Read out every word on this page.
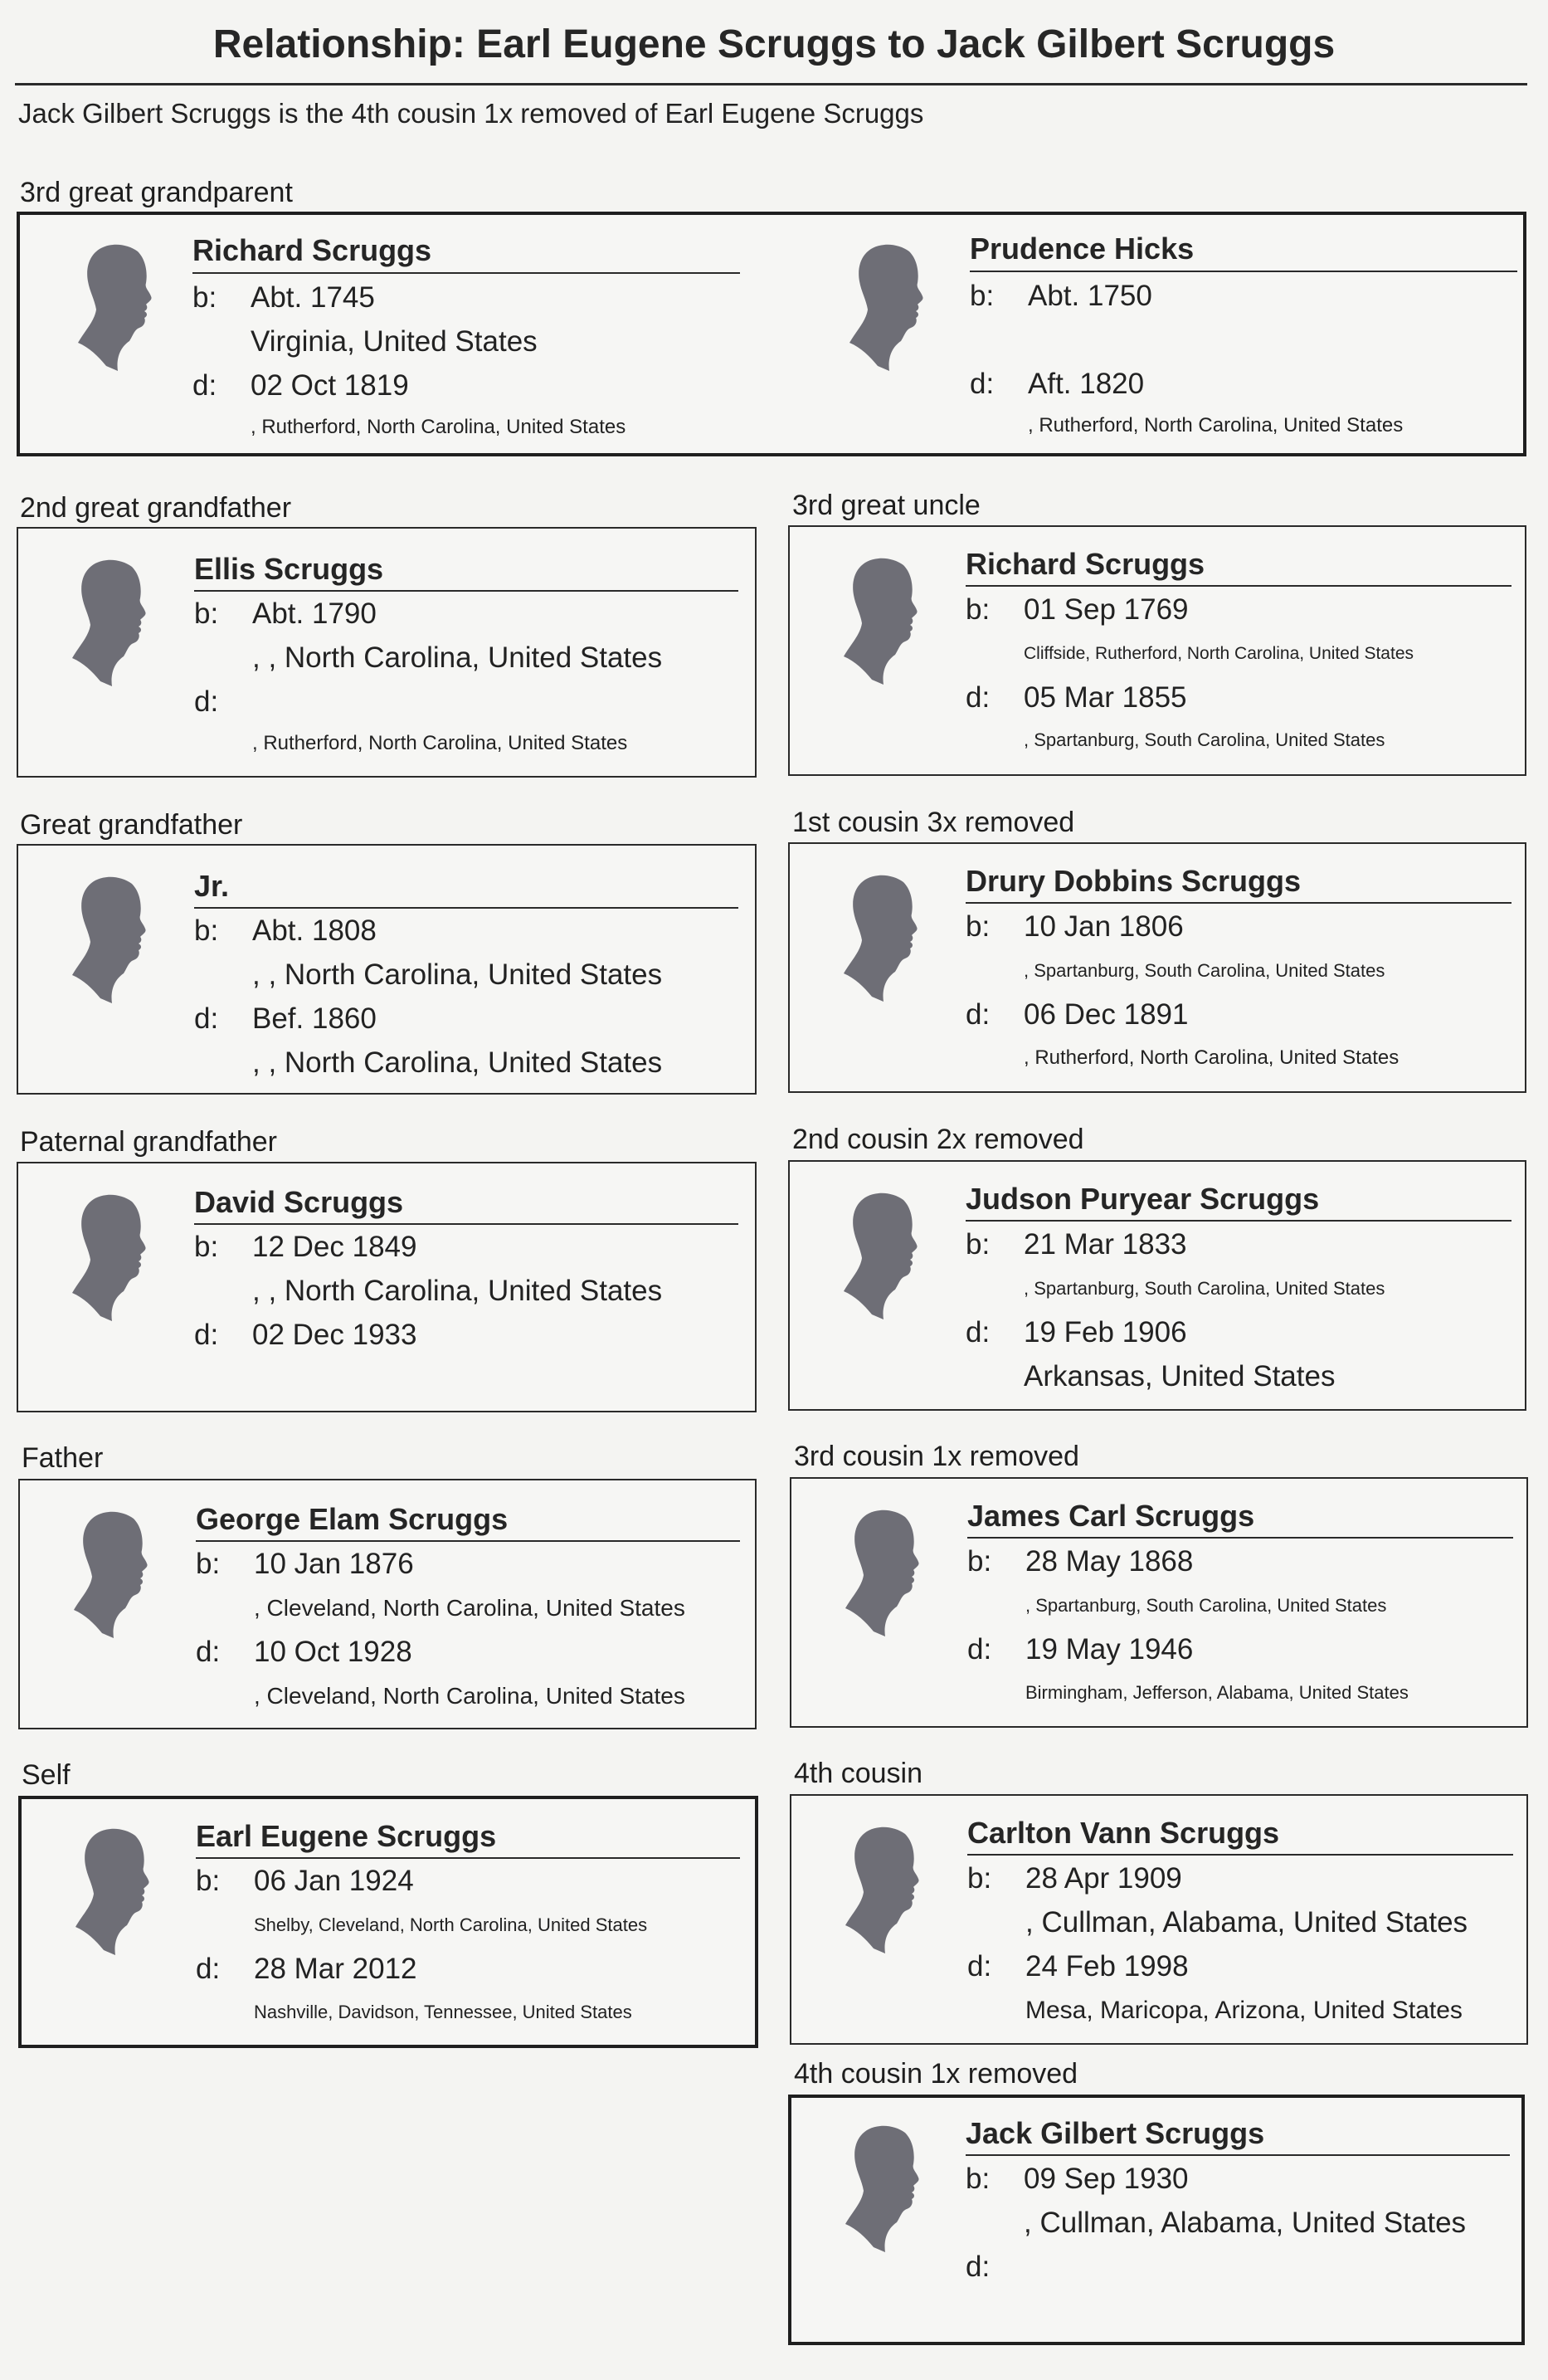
Relationship: Earl Eugene Scruggs to Jack Gilbert Scruggs
Jack Gilbert Scruggs is the 4th cousin 1x removed of Earl Eugene Scruggs
3rd great grandparent
Richard Scruggs
b: Abt. 1745
Virginia, United States
d: 02 Oct 1819
, Rutherford, North Carolina, United States
Prudence Hicks
b: Abt. 1750
d: Aft. 1820
, Rutherford, North Carolina, United States
2nd great grandfather
Ellis Scruggs
b: Abt. 1790
, , North Carolina, United States
d:
, Rutherford, North Carolina, United States
3rd great uncle
Richard Scruggs
b: 01 Sep 1769
Cliffside, Rutherford, North Carolina, United States
d: 05 Mar 1855
, Spartanburg, South Carolina, United States
Great grandfather
Jr.
b: Abt. 1808
, , North Carolina, United States
d: Bef. 1860
, , North Carolina, United States
1st cousin 3x removed
Drury Dobbins Scruggs
b: 10 Jan 1806
, Spartanburg, South Carolina, United States
d: 06 Dec 1891
, Rutherford, North Carolina, United States
Paternal grandfather
David Scruggs
b: 12 Dec 1849
, , North Carolina, United States
d: 02 Dec 1933
2nd cousin 2x removed
Judson Puryear Scruggs
b: 21 Mar 1833
, Spartanburg, South Carolina, United States
d: 19 Feb 1906
Arkansas, United States
Father
George Elam Scruggs
b: 10 Jan 1876
, Cleveland, North Carolina, United States
d: 10 Oct 1928
, Cleveland, North Carolina, United States
3rd cousin 1x removed
James Carl Scruggs
b: 28 May 1868
, Spartanburg, South Carolina, United States
d: 19 May 1946
Birmingham, Jefferson, Alabama, United States
Self
Earl Eugene Scruggs
b: 06 Jan 1924
Shelby, Cleveland, North Carolina, United States
d: 28 Mar 2012
Nashville, Davidson, Tennessee, United States
4th cousin
Carlton Vann Scruggs
b: 28 Apr 1909
, Cullman, Alabama, United States
d: 24 Feb 1998
Mesa, Maricopa, Arizona, United States
4th cousin 1x removed
Jack Gilbert Scruggs
b: 09 Sep 1930
, Cullman, Alabama, United States
d:
